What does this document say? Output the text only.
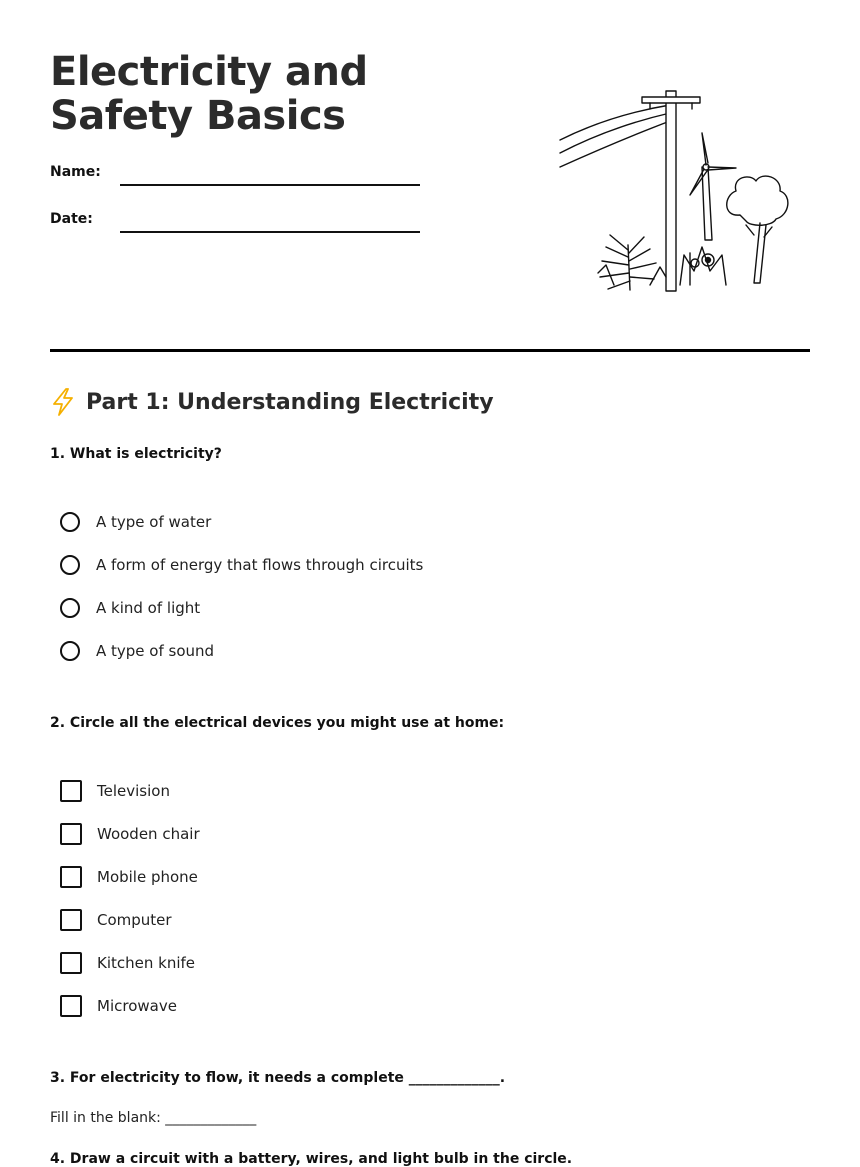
Electricity and Safety Basics
Name:
Date:
Part 1: Understanding Electricity

1. What is electricity?

A type of water
A form of energy that flows through circuits
A kind of light
A type of sound

2. Circle all the electrical devices you might use at home:

Television
Wooden chair
Mobile phone
Computer
Kitchen knife
Microwave

3. For electricity to flow, it needs a complete _____________.

Fill in the blank: _____________

4. Draw a circuit with a battery, wires, and light bulb in the circle.
